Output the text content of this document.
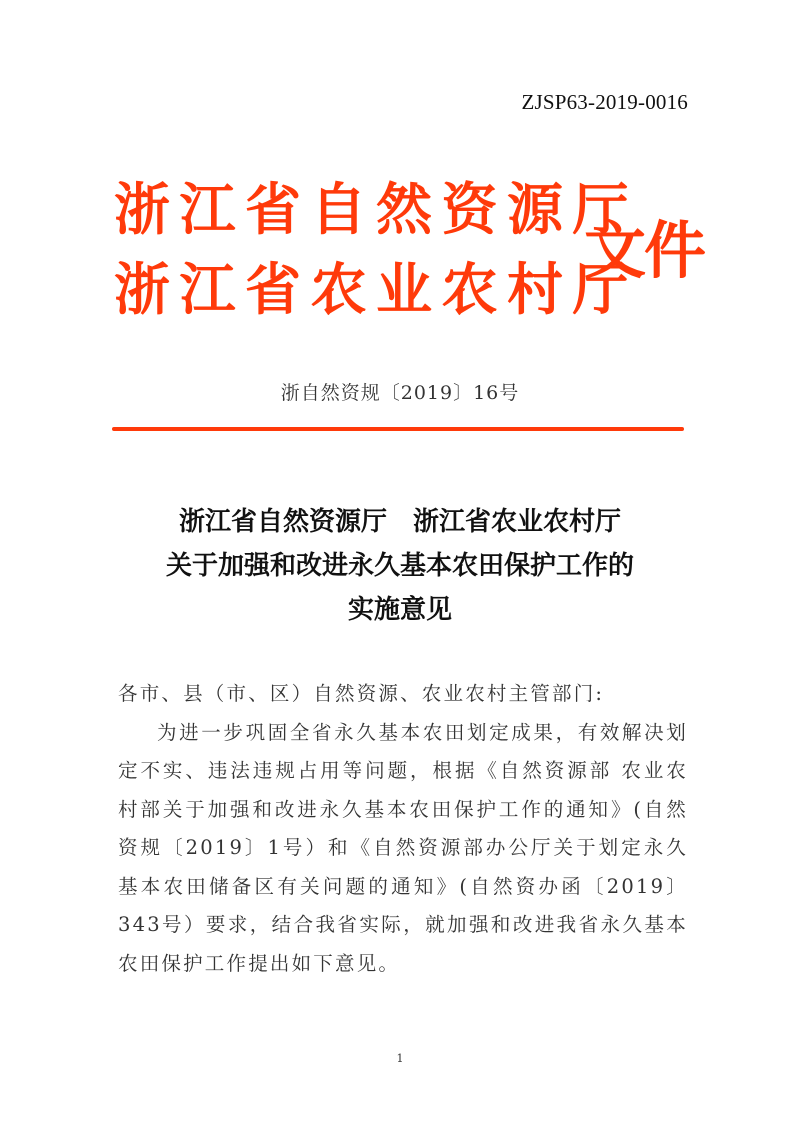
ZJSP63-2019-0016
浙江省自然资源厅
浙江省农业农村厅
文件
浙自然资规〔2019〕16号
浙江省自然资源厅　浙江省农业农村厅
关于加强和改进永久基本农田保护工作的
实施意见

各市、县（市、区）自然资源、农业农村主管部门:

为进一步巩固全省永久基本农田划定成果，有效解决划定不实、违法违规占用等问题，根据《自然资源部 农业农村部关于加强和改进永久基本农田保护工作的通知》(自然资规〔2019〕1号）和《自然资源部办公厅关于划定永久基本农田储备区有关问题的通知》(自然资办函〔2019〕343号）要求，结合我省实际，就加强和改进我省永久基本农田保护工作提出如下意见。

1
